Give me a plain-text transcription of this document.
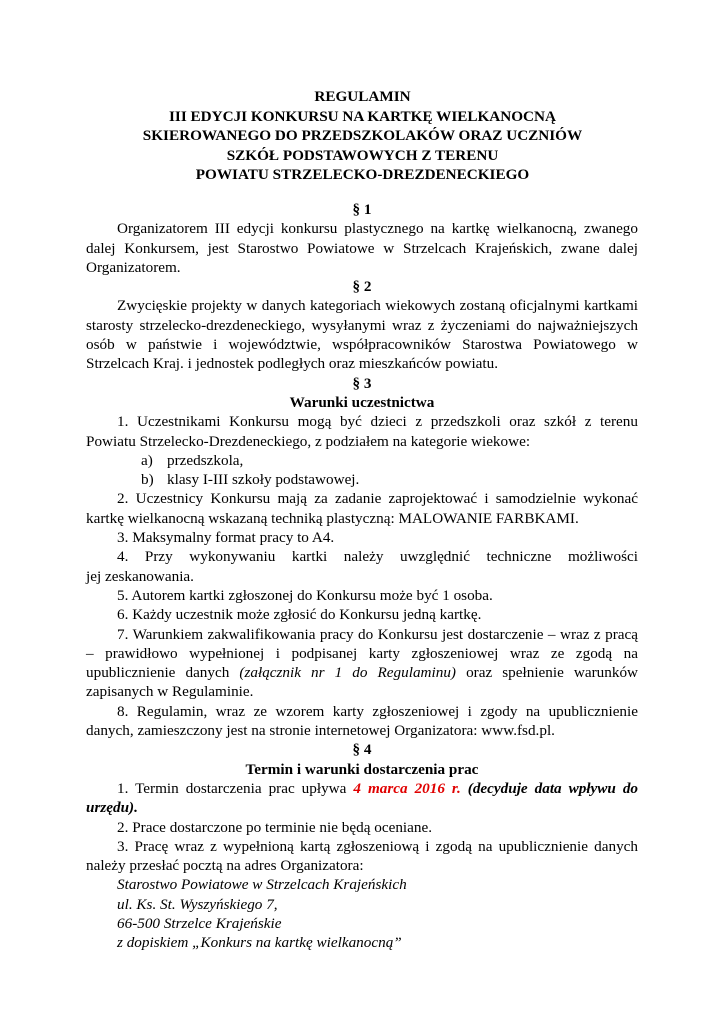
REGULAMIN
III EDYCJI KONKURSU NA KARTKĘ WIELKANOCNĄ
SKIEROWANEGO DO PRZEDSZKOLAKÓW ORAZ UCZNIÓW
SZKÓŁ PODSTAWOWYCH Z TERENU
POWIATU STRZELECKO-DREZDENECKIEGO
§ 1
Organizatorem III edycji konkursu plastycznego na kartkę wielkanocną, zwanego dalej Konkursem, jest Starostwo Powiatowe w Strzelcach Krajeńskich, zwane dalej Organizatorem.
§ 2
Zwycięskie projekty w danych kategoriach wiekowych zostaną oficjalnymi kartkami starosty strzelecko-drezdeneckiego, wysyłanymi wraz z życzeniami do najważniejszych osób w państwie i województwie, współpracowników Starostwa Powiatowego w Strzelcach Kraj. i jednostek podległych oraz mieszkańców powiatu.
§ 3
Warunki uczestnictwa
1. Uczestnikami Konkursu mogą być dzieci z przedszkoli oraz szkół z terenu Powiatu Strzelecko-Drezdeneckiego, z podziałem na kategorie wiekowe:
a) przedszkola,
b) klasy I-III szkoły podstawowej.
2. Uczestnicy Konkursu mają za zadanie zaprojektować i samodzielnie wykonać kartkę wielkanocną wskazaną techniką plastyczną: MALOWANIE FARBKAMI.
3. Maksymalny format pracy to A4.
4. Przy wykonywaniu kartki należy uwzględnić techniczne możliwości
jej zeskanowania.
5. Autorem kartki zgłoszonej do Konkursu może być 1 osoba.
6. Każdy uczestnik może zgłosić do Konkursu jedną kartkę.
7. Warunkiem zakwalifikowania pracy do Konkursu jest dostarczenie – wraz z pracą – prawidłowo wypełnionej i podpisanej karty zgłoszeniowej wraz ze zgodą na upublicznienie danych (załącznik nr 1 do Regulaminu) oraz spełnienie warunków zapisanych w Regulaminie.
8. Regulamin, wraz ze wzorem karty zgłoszeniowej i zgody na upublicznienie danych, zamieszczony jest na stronie internetowej Organizatora: www.fsd.pl.
§ 4
Termin i warunki dostarczenia prac
1. Termin dostarczenia prac upływa 4 marca 2016 r. (decyduje data wpływu do urzędu).
2. Prace dostarczone po terminie nie będą oceniane.
3. Pracę wraz z wypełnioną kartą zgłoszeniową i zgodą na upublicznienie danych należy przesłać pocztą na adres Organizatora:
Starostwo Powiatowe w Strzelcach Krajeńskich
ul. Ks. St. Wyszyńskiego 7,
66-500 Strzelce Krajeńskie
z dopiskiem „Konkurs na kartkę wielkanocną”
